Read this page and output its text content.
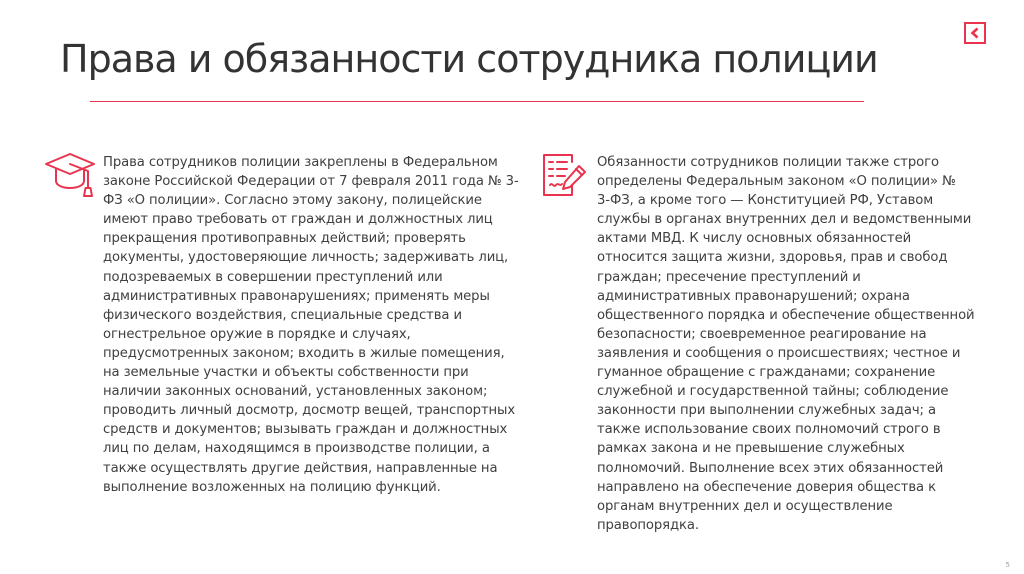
Права и обязанности сотрудника полиции

Права сотрудников полиции закреплены в Федеральном
законе Российской Федерации от 7 февраля 2011 года № 3-
ФЗ «О полиции». Согласно этому закону, полицейские
имеют право требовать от граждан и должностных лиц
прекращения противоправных действий; проверять
документы, удостоверяющие личность; задерживать лиц,
подозреваемых в совершении преступлений или
административных правонарушениях; применять меры
физического воздействия, специальные средства и
огнестрельное оружие в порядке и случаях,
предусмотренных законом; входить в жилые помещения,
на земельные участки и объекты собственности при
наличии законных оснований, установленных законом;
проводить личный досмотр, досмотр вещей, транспортных
средств и документов; вызывать граждан и должностных
лиц по делам, находящимся в производстве полиции, а
также осуществлять другие действия, направленные на
выполнение возложенных на полицию функций.

Обязанности сотрудников полиции также строго
определены Федеральным законом «О полиции» №
3-ФЗ, а кроме того — Конституцией РФ, Уставом
службы в органах внутренних дел и ведомственными
актами МВД. К числу основных обязанностей
относится защита жизни, здоровья, прав и свобод
граждан; пресечение преступлений и
административных правонарушений; охрана
общественного порядка и обеспечение общественной
безопасности; своевременное реагирование на
заявления и сообщения о происшествиях; честное и
гуманное обращение с гражданами; сохранение
служебной и государственной тайны; соблюдение
законности при выполнении служебных задач; а
также использование своих полномочий строго в
рамках закона и не превышение служебных
полномочий. Выполнение всех этих обязанностей
направлено на обеспечение доверия общества к
органам внутренних дел и осуществление
правопорядка.

5
